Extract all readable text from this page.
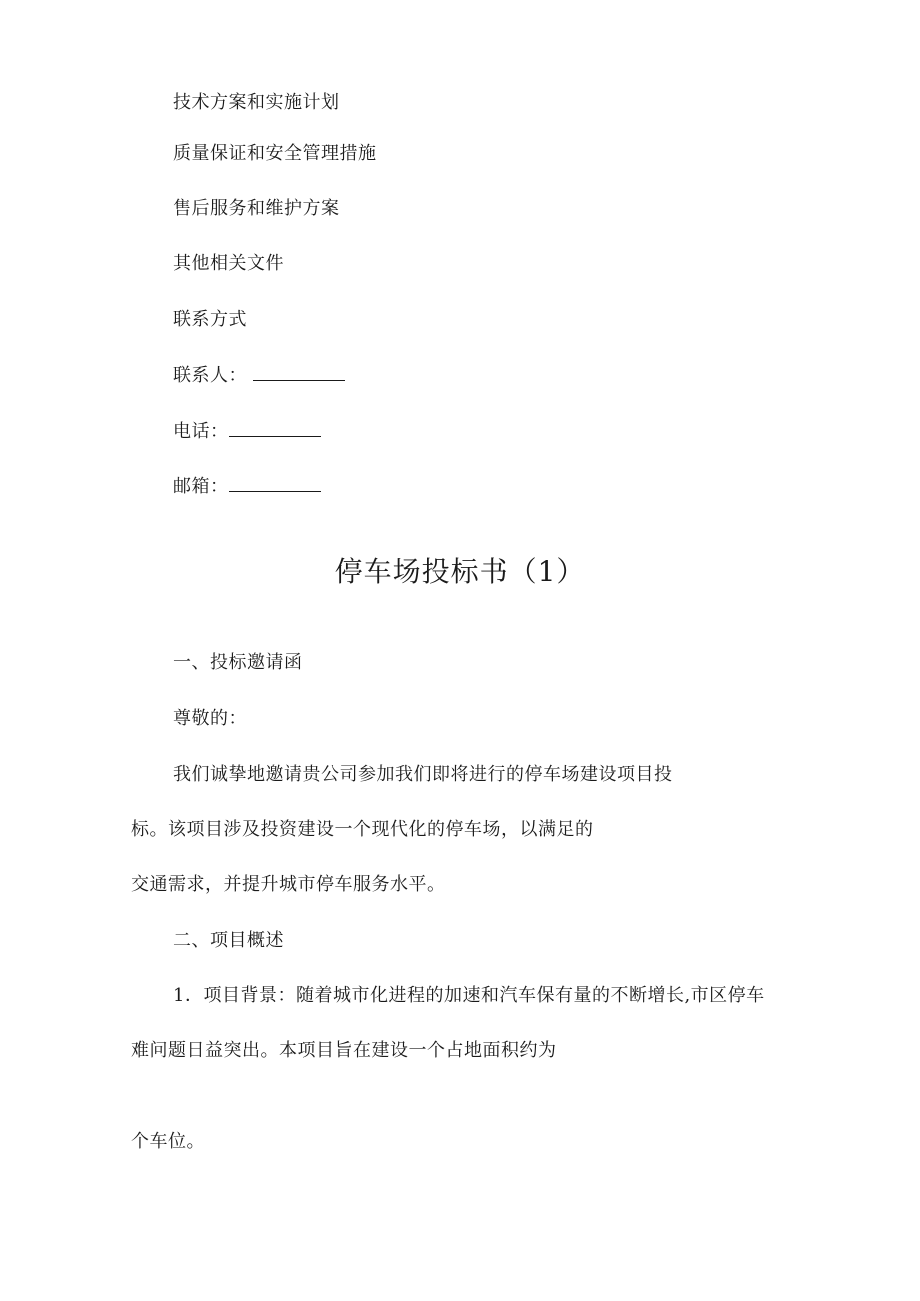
技术方案和实施计划
质量保证和安全管理措施
售后服务和维护方案
其他相关文件
联系方式
联系人：
电话：
邮箱：
停车场投标书（1）
一、投标邀请函
尊敬的：
我们诚挚地邀请贵公司参加我们即将进行的停车场建设项目投
标。该项目涉及投资建设一个现代化的停车场，以满足的
交通需求，并提升城市停车服务水平。
二、项目概述
1．项目背景：随着城市化进程的加速和汽车保有量的不断增长,市区停车
难问题日益突出。本项目旨在建设一个占地面积约为
个车位。
